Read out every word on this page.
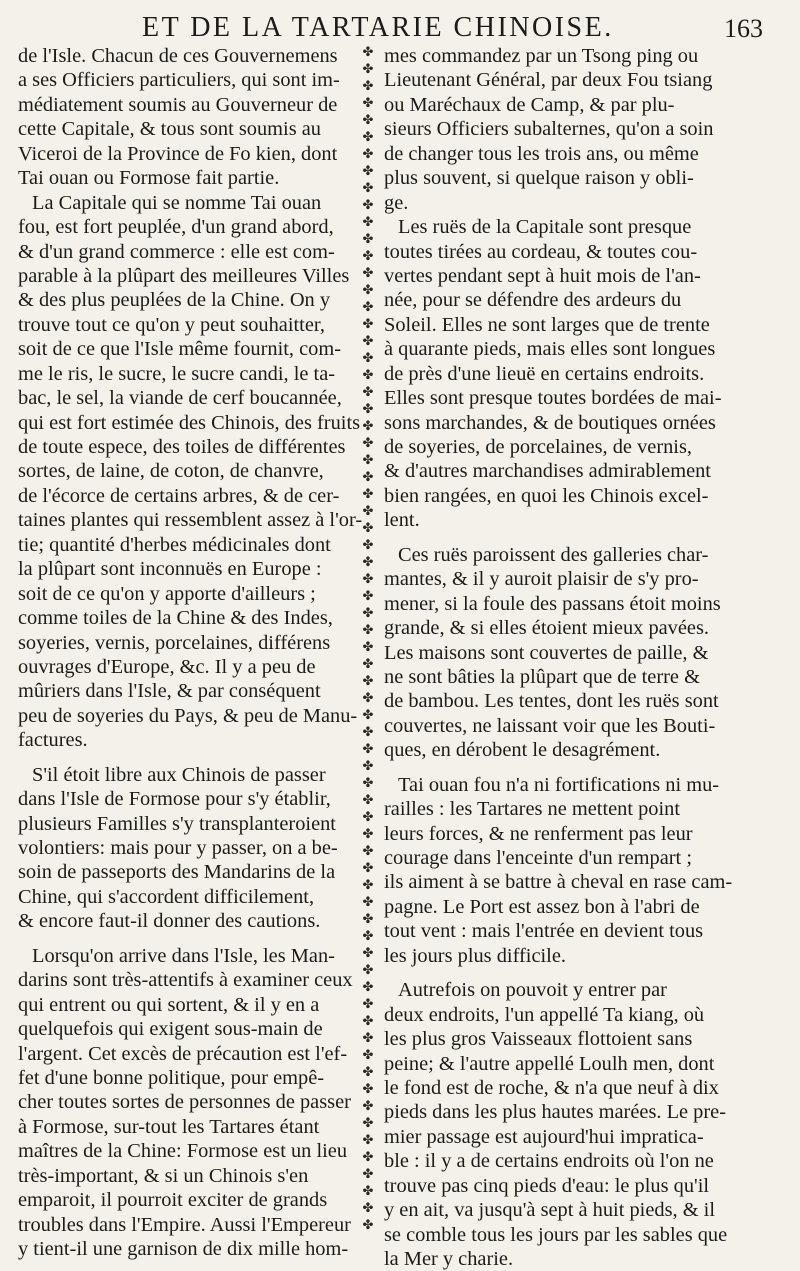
ET DE LA TARTARIE CHINOISE.	163
de l'Isle. Chacun de ces Gouvernemens
a ses Officiers particuliers, qui sont im-
médiatement soumis au Gouverneur de
cette Capitale, & tous sont soumis au
Viceroi de la Province de Fo kien, dont
Tai ouan ou Formose fait partie.
La Capitale qui se nomme Tai ouan
fou, est fort peuplée, d'un grand abord,
& d'un grand commerce : elle est com-
parable à la plûpart des meilleures Villes
& des plus peuplées de la Chine. On y
trouve tout ce qu'on y peut souhaitter,
soit de ce que l'Isle même fournit, com-
me le ris, le sucre, le sucre candi, le ta-
bac, le sel, la viande de cerf boucannée,
qui est fort estimée des Chinois, des fruits
de toute espece, des toiles de différentes
sortes, de laine, de coton, de chanvre,
de l'écorce de certains arbres, & de cer-
taines plantes qui ressemblent assez à l'or-
tie; quantité d'herbes médicinales dont
la plûpart sont inconnuës en Europe :
soit de ce qu'on y apporte d'ailleurs ;
comme toiles de la Chine & des Indes,
soyeries, vernis, porcelaines, différens
ouvrages d'Europe, &c. Il y a peu de
mûriers dans l'Isle, & par conséquent
peu de soyeries du Pays, & peu de Manu-
factures.
S'il étoit libre aux Chinois de passer
dans l'Isle de Formose pour s'y établir,
plusieurs Familles s'y transplanteroient
volontiers: mais pour y passer, on a be-
soin de passeports des Mandarins de la
Chine, qui s'accordent difficilement,
& encore faut-il donner des cautions.
Lorsqu'on arrive dans l'Isle, les Man-
darins sont très-attentifs à examiner ceux
qui entrent ou qui sortent, & il y en a
quelquefois qui exigent sous-main de
l'argent. Cet excès de précaution est l'ef-
fet d'une bonne politique, pour empê-
cher toutes sortes de personnes de passer
à Formose, sur-tout les Tartares étant
maîtres de la Chine: Formose est un lieu
très-important, & si un Chinois s'en
emparoit, il pourroit exciter de grands
troubles dans l'Empire. Aussi l'Empereur
y tient-il une garnison de dix mille hom-
✤
✤
✤
✤
✤
✤
✤
✤
✤
✤
✤
✤
✤
✤
✤
✤
✤
✤
✤
✤
✤
✤
✤
✤
✤
✤
✤
✤
✤
✤
✤
✤
✤
✤
✤
✤
✤
✤
✤
✤
✤
✤
✤
✤
✤
✤
✤
✤
✤
✤
✤
✤
✤
✤
✤
✤
✤
✤
✤
✤
✤
✤
✤
✤
✤
✤
✤
✤
✤
✤
mes commandez par un Tsong ping ou
Lieutenant Général, par deux Fou tsiang
ou Maréchaux de Camp, & par plu-
sieurs Officiers subalternes, qu'on a soin
de changer tous les trois ans, ou même
plus souvent, si quelque raison y obli-
ge.
Les ruës de la Capitale sont presque
toutes tirées au cordeau, & toutes cou-
vertes pendant sept à huit mois de l'an-
née, pour se défendre des ardeurs du
Soleil. Elles ne sont larges que de trente
à quarante pieds, mais elles sont longues
de près d'une lieuë en certains endroits.
Elles sont presque toutes bordées de mai-
sons marchandes, & de boutiques ornées
de soyeries, de porcelaines, de vernis,
& d'autres marchandises admirablement
bien rangées, en quoi les Chinois excel-
lent.
Ces ruës paroissent des galleries char-
mantes, & il y auroit plaisir de s'y pro-
mener, si la foule des passans étoit moins
grande, & si elles étoient mieux pavées.
Les maisons sont couvertes de paille, &
ne sont bâties la plûpart que de terre &
de bambou. Les tentes, dont les ruës sont
couvertes, ne laissant voir que les Bouti-
ques, en dérobent le desagrément.
Tai ouan fou n'a ni fortifications ni mu-
railles : les Tartares ne mettent point
leurs forces, & ne renferment pas leur
courage dans l'enceinte d'un rempart ;
ils aiment à se battre à cheval en rase cam-
pagne. Le Port est assez bon à l'abri de
tout vent : mais l'entrée en devient tous
les jours plus difficile.
Autrefois on pouvoit y entrer par
deux endroits, l'un appellé Ta kiang, où
les plus gros Vaisseaux flottoient sans
peine; & l'autre appellé Loulh men, dont
le fond est de roche, & n'a que neuf à dix
pieds dans les plus hautes marées. Le pre-
mier passage est aujourd'hui impratica-
ble : il y a de certains endroits où l'on ne
trouve pas cinq pieds d'eau: le plus qu'il
y en ait, va jusqu'à sept à huit pieds, & il
se comble tous les jours par les sables que
la Mer y charie.
